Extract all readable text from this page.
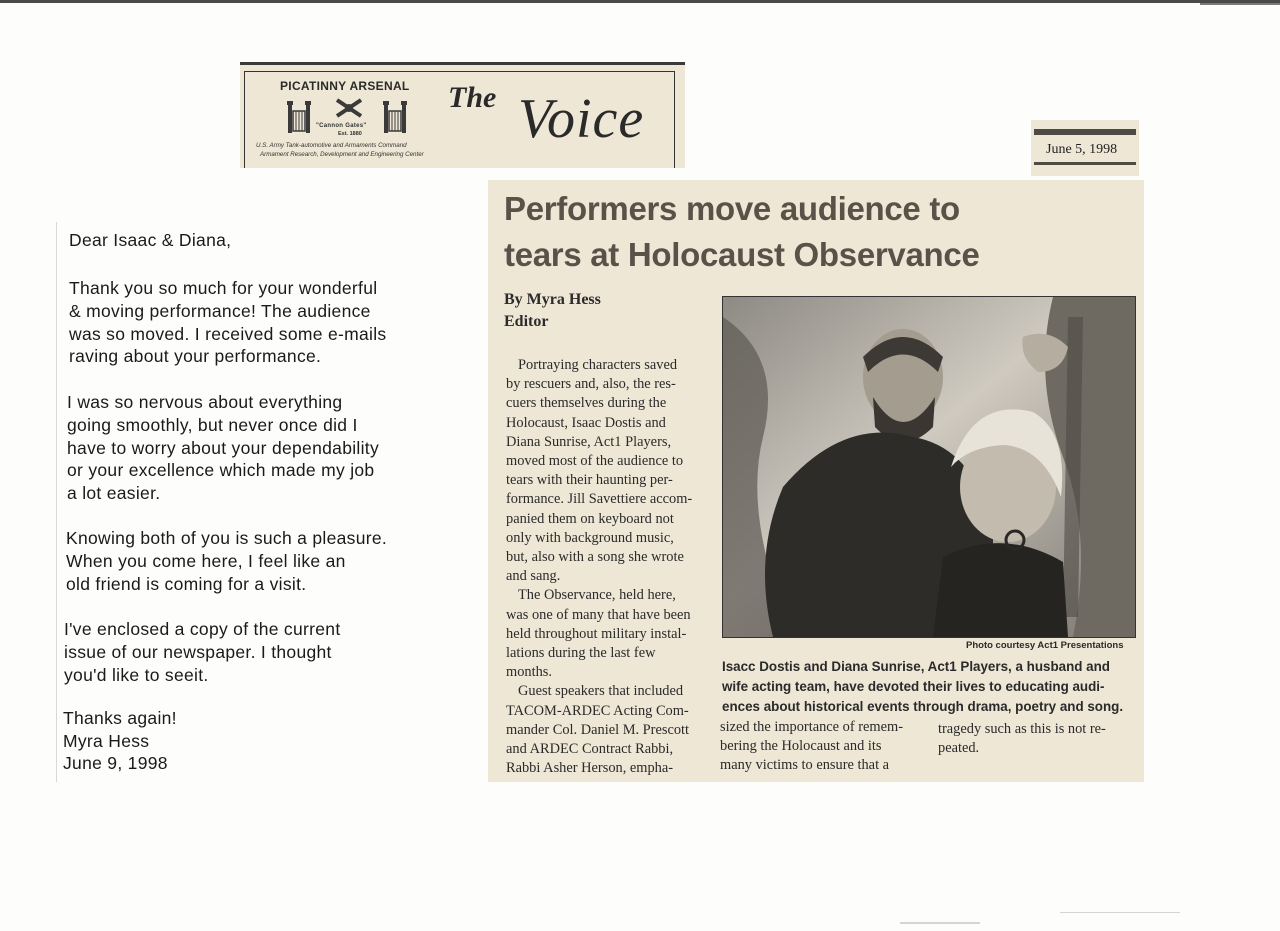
PICATINNY ARSENAL
"Cannon Gates"
Est. 1880
U.S. Army Tank-automotive and Armaments Command
Armament Research, Development and Engineering Center
The Voice	June 5, 1998
Dear Isaac & Diana,
Thank you so much for your wonderful
& moving performance! The audience
was so moved. I received some e-mails
raving about your performance.
I was so nervous about everything
going smoothly, but never once did I
have to worry about your dependability
or your excellence which made my job
a lot easier.
Knowing both of you is such a pleasure.
When you come here, I feel like an
old friend is coming for a visit.
I've enclosed a copy of the current
issue of our newspaper. I thought
you'd like to seeit.
Thanks again!
Myra Hess
June 9, 1998
Performers move audience to
tears at Holocaust Observance
By Myra Hess
Editor
Portraying characters saved
by rescuers and, also, the res-
cuers themselves during the
Holocaust, Isaac Dostis and
Diana Sunrise, Act1 Players,
moved most of the audience to
tears with their haunting per-
formance. Jill Savettiere accom-
panied them on keyboard not
only with background music,
but, also with a song she wrote
and sang.
The Observance, held here,
was one of many that have been
held throughout military instal-
lations during the last few
months.
Guest speakers that included
TACOM-ARDEC Acting Com-
mander Col. Daniel M. Prescott
and ARDEC Contract Rabbi,
Rabbi Asher Herson, empha-
sized the importance of remem-
bering the Holocaust and its
many victims to ensure that a
tragedy such as this is not re-
peated.
Photo courtesy Act1 Presentations
Isacc Dostis and Diana Sunrise, Act1 Players, a husband and
wife acting team, have devoted their lives to educating audi-
ences about historical events through drama, poetry and song.
